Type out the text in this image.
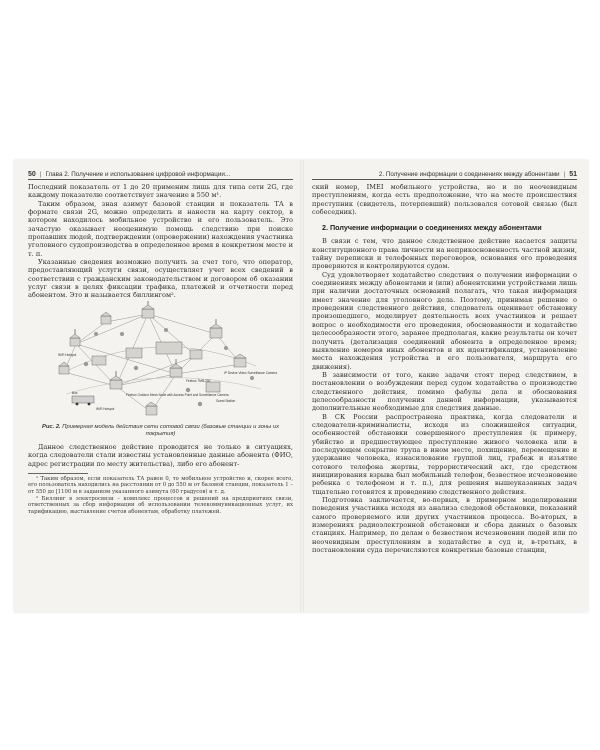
50 | Глава 2. Получение и использование цифровой информации...

Последний показатель от 1 до 20 применим лишь для типа сети 2G, где каждому показателю соответствует значение в 550 м¹.

Таким образом, зная азимут базовой станции и показатель ТА в формате связи 2G, можно определить и нанести на карту сектор, в котором находилось мобильное устройство и его пользователь. Это зачастую оказывает неоценимую помощь следствию при поиске пропавших людей, подтверждении (опровержении) нахождения участника уголовного судопроизводства в определенное время в конкретном месте и т. п.

Указанные сведения возможно получить за счет того, что оператор, предоставляющий услуги связи, осуществляет учет всех сведений в соответствии с гражданским законодательством и договором об оказании услуг связи в целях фиксации трафика, платежей и отчетности перед абонентом. Это и называется биллингом².

WiFi Hotspot
Firebox Outdoor Mesh Node with Access Point and Surveillance Camera
WiFi Hotspot
IP Device Video Surveillance Camera
Firebox 7MB-200
Guest Station
Bus
Рис. 2. Примерная модель действия сети сотовой связи (базовые станции и зоны их покрытия)

Данное следственное действие проводится не только в ситуациях, когда следователи стали известны установленные данные абонента (ФИО, адрес регистрации по месту жительства), либо его абонент-

¹ Таким образом, если показатель ТА равен 0, то мобильное устройство и, скорее всего, его пользователь находились на расстоянии от 0 до 550 м от базовой станции, показатель 1 – от 550 до [1100 м в заданном указанного азимута (60 градусов) и т. д.

² Биллинг в электросвязи – комплекс процессов и решений на предприятиях связи, ответственных за сбор информации об использовании телекоммуникационных услуг, их тарификацию, выставление счетов абонентам, обработку платежей.

2. Получение информации о соединениях между абонентами | 51

ский номер, IMEI мобильного устройства, но и по неочевидным преступлениям, когда есть предположение, что на месте происшествия преступник (свидетель, потерпевший) пользовался сотовой связью (был собеседник).

2. Получение информации о соединениях между абонентами

В связи с тем, что данное следственное действие касается защиты конституционного права личности на неприкосновенность частной жизни, тайну переписки и телефонных переговоров, основания его проведения проверяются и контролируются судом.

Суд удовлетворяет ходатайство следствия о получении информации о соединениях между абонентами и (или) абонентскими устройствами лишь при наличии достаточных оснований полагать, что такая информация имеет значение для уголовного дела. Поэтому, принимая решение о проведении следственного действия, следователь оценивает обстановку произошедшего, моделирует деятельность всех участников и решает вопрос о необходимости его проведения, обоснованности и ходатайстве целесообразности этого, заранее предполагая, какие результаты он хочет получить (детализация соединений абонента в определенное время; выявление номеров иных абонентов и их идентификация, установление места нахождения устройства и его пользователя, маршрута его движения).

В зависимости от того, какие задачи стоят перед следствием, в постановлении о возбуждении перед судом ходатайства о производстве следственного действия, помимо фабулы дела и обоснования целесообразности получения данной информации, указываются дополнительные необходимые для следствия данные.

В СК России распространена практика, когда следователи и следователи-криминалисты, исходя из сложившейся ситуации, особенностей обстановки совершенного преступления (к примеру, убийство и предшествующее преступление живого человека или в последующем сокрытие трупа в ином месте, похищение, перемещение и удержание человека, изнасилование группой лиц, грабеж и изъятие сотового телефона жертвы, террористический акт, где средством инициирования взрыва был мобильный телефон, безвестное исчезновение ребенка с телефоном и т. п.), для решения вышеуказанных задач тщательно готовятся к проведению следственного действия.

Подготовка заключается, во-первых, в примерном моделировании поведения участника исходя из анализа следовой обстановки, показаний самого проверяемого или других участников процесса. Во-вторых, в измерениях радиоэлектронной обстановки и сбора данных о базовых станциях. Например, по делам о безвестном исчезновении людей или по неочевидным преступлениям в ходатайстве в суд и, в-третьих, в постановлении суда перечисляются конкретные базовые станции,
